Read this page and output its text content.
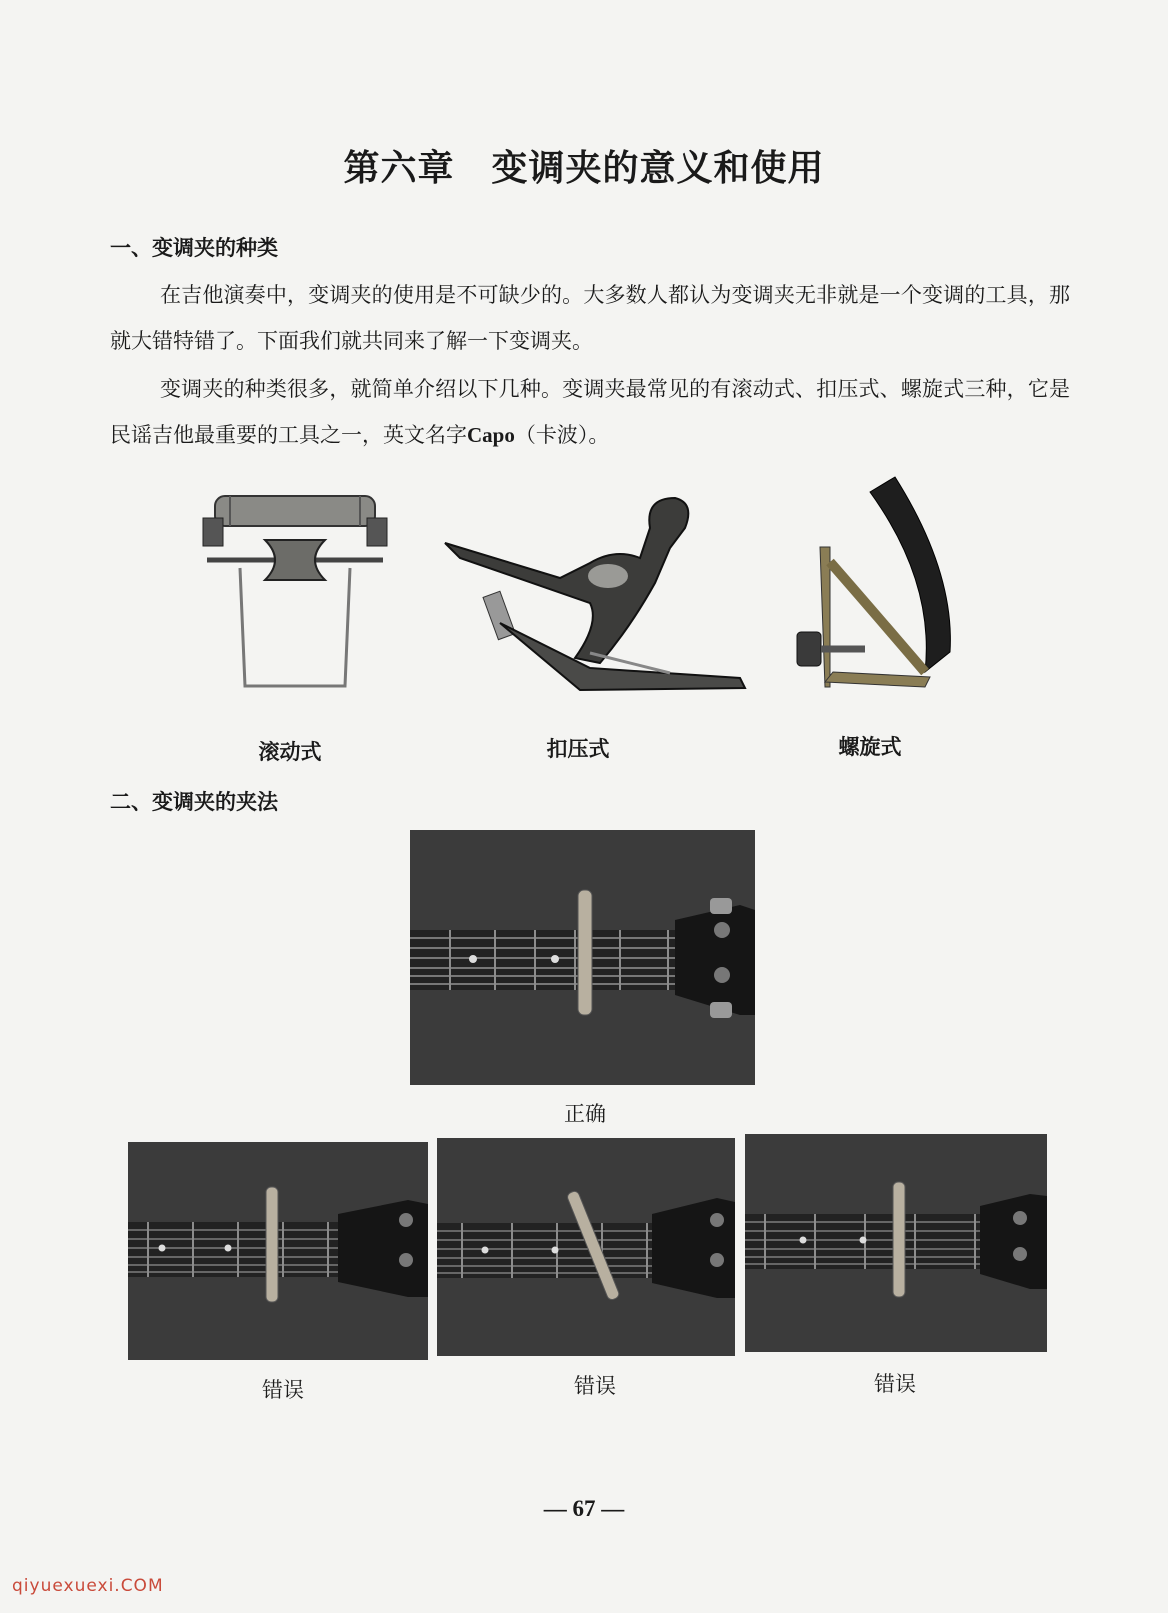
第六章　变调夹的意义和使用
一、变调夹的种类
在吉他演奏中，变调夹的使用是不可缺少的。大多数人都认为变调夹无非就是一个变调的工具，那就大错特错了。下面我们就共同来了解一下变调夹。
变调夹的种类很多，就简单介绍以下几种。变调夹最常见的有滚动式、扣压式、螺旋式三种，它是民谣吉他最重要的工具之一，英文名字Capo（卡波）。
滚动式	扣压式	螺旋式
二、变调夹的夹法
正确
错误	错误	错误
— 67 —
qiyuexuexi.COM
